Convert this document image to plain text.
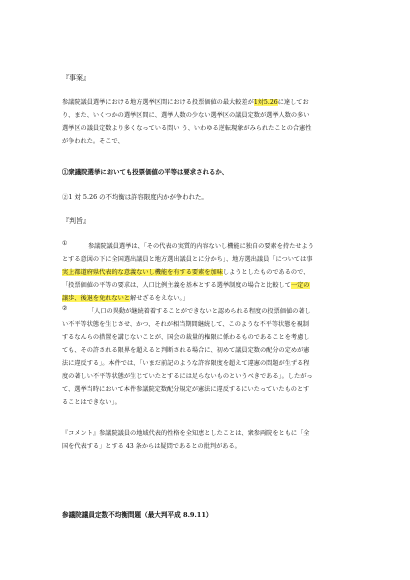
『事案』
参議院議員選挙における地方選挙区間における投票価値の最大較差が1対5.26に達してお
り、また、いくつかの選挙区間に、選挙人数の少ない選挙区の議員定数が選挙人数の多い
選挙区の議員定数より多くなっている問い う、いわゆる逆転現象がみられたことの合憲性
が争われた。そこで、
①衆議院選挙においても投票価値の平等は要求されるか、
②1 対 5.26 の不均衡は許容限度内かが争われた。
『判旨』
①	参議院議員選挙は、「その代表の実質的内容ないし機能に独自の要素を持たせよう
とする意図の下に全国選出議員と地方選出議員とに分かち」、地方選出議員「については事
実上都道府県代表的な意義ないし機能を有する要素を加味しようとしたものであるので、
「投票価値の平等の要求は、人口比例主義を基本とする選挙制度の場合と比較して一定の
譲歩、後退を免れないと解せざるをえない。」
②	「人口の異動が継続着着することができないと認められる程度の投票価値の著し
い不平等状態を生じさせ、かつ、それが相当期間継続して、このような不平等状態を視制
するなんらの措置を講じないことが、国会の裁量的権限に係わるものであることを考慮し
ても、その許される限界を超えると判断される場合に、初めて議員定数の配分の定めが憲
法に違反する」。本件では、「いまだ前記のような許容限度を超えて違憲の問題が生ずる程
度の著しい不平等状態が生じていたとするには足らないものというべきである」。したがっ
て、選挙当時において本件参議院定数配分規定が憲法に違反するにいたっていたものとす
ることはできない」。
『コメント』参議院議員の地域代表的性格を全知恵としたことは、衆参両院をともに「全
国を代表する」とする 43 条からは疑問であるとの批判がある。
参議院議員定数不均衡問題（最大判平成 8.9.11）
